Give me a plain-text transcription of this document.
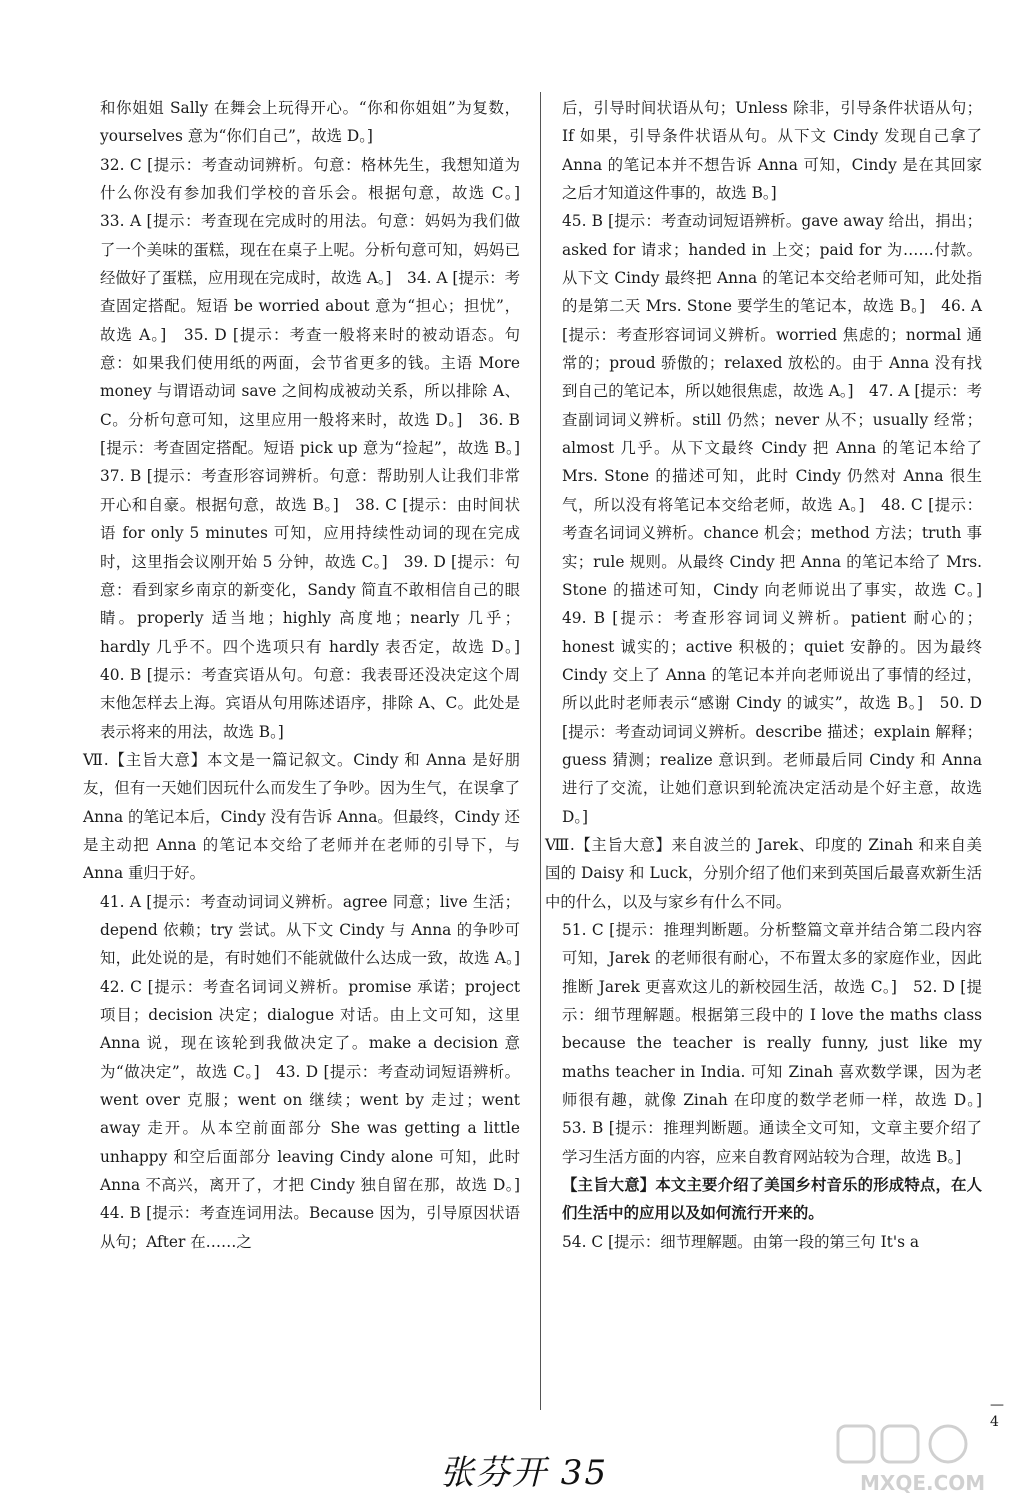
和你姐姐 Sally 在舞会上玩得开心。“你和你姐姐”为复数，yourselves 意为“你们自己”，故选 D。]

32. C [提示：考查动词辨析。句意：格林先生，我想知道为什么你没有参加我们学校的音乐会。根据句意，故选 C。]　33. A [提示：考查现在完成时的用法。句意：妈妈为我们做了一个美味的蛋糕，现在在桌子上呢。分析句意可知，妈妈已经做好了蛋糕，应用现在完成时，故选 A。]　34. A [提示：考查固定搭配。短语 be worried about 意为“担心；担忧”，故选 A。]　35. D [提示：考查一般将来时的被动语态。句意：如果我们使用纸的两面，会节省更多的钱。主语 More money 与谓语动词 save 之间构成被动关系，所以排除 A、C。分析句意可知，这里应用一般将来时，故选 D。]　36. B [提示：考查固定搭配。短语 pick up 意为“捡起”，故选 B。]　37. B [提示：考查形容词辨析。句意：帮助别人让我们非常开心和自豪。根据句意，故选 B。]　38. C [提示：由时间状语 for only 5 minutes 可知，应用持续性动词的现在完成时，这里指会议刚开始 5 分钟，故选 C。]　39. D [提示：句意：看到家乡南京的新变化，Sandy 简直不敢相信自己的眼睛。properly 适当地；highly 高度地；nearly 几乎；hardly 几乎不。四个选项只有 hardly 表否定，故选 D。]　40. B [提示：考查宾语从句。句意：我表哥还没决定这个周末他怎样去上海。宾语从句用陈述语序，排除 A、C。此处是表示将来的用法，故选 B。]

Ⅶ.【主旨大意】本文是一篇记叙文。Cindy 和 Anna 是好朋友，但有一天她们因玩什么而发生了争吵。因为生气，在误拿了 Anna 的笔记本后，Cindy 没有告诉 Anna。但最终，Cindy 还是主动把 Anna 的笔记本交给了老师并在老师的引导下，与 Anna 重归于好。

41. A [提示：考查动词词义辨析。agree 同意；live 生活；depend 依赖；try 尝试。从下文 Cindy 与 Anna 的争吵可知，此处说的是，有时她们不能就做什么达成一致，故选 A。]　42. C [提示：考查名词词义辨析。promise 承诺；project 项目；decision 决定；dialogue 对话。由上文可知，这里 Anna 说，现在该轮到我做决定了。make a decision 意为“做决定”，故选 C。]　43. D [提示：考查动词短语辨析。went over 克服；went on 继续；went by 走过；went away 走开。从本空前面部分 She was getting a little unhappy 和空后面部分 leaving Cindy alone 可知，此时 Anna 不高兴，离开了，才把 Cindy 独自留在那，故选 D。]　44. B [提示：考查连词用法。Because 因为，引导原因状语从句；After 在……之

后，引导时间状语从句；Unless 除非，引导条件状语从句；If 如果，引导条件状语从句。从下文 Cindy 发现自己拿了 Anna 的笔记本并不想告诉 Anna 可知，Cindy 是在其回家之后才知道这件事的，故选 B。]

45. B [提示：考查动词短语辨析。gave away 给出，捐出；asked for 请求；handed in 上交；paid for 为……付款。从下文 Cindy 最终把 Anna 的笔记本交给老师可知，此处指的是第二天 Mrs. Stone 要学生的笔记本，故选 B。]　46. A [提示：考查形容词词义辨析。worried 焦虑的；normal 通常的；proud 骄傲的；relaxed 放松的。由于 Anna 没有找到自己的笔记本，所以她很焦虑，故选 A。]　47. A [提示：考查副词词义辨析。still 仍然；never 从不；usually 经常；almost 几乎。从下文最终 Cindy 把 Anna 的笔记本给了 Mrs. Stone 的描述可知，此时 Cindy 仍然对 Anna 很生气，所以没有将笔记本交给老师，故选 A。]　48. C [提示：考查名词词义辨析。chance 机会；method 方法；truth 事实；rule 规则。从最终 Cindy 把 Anna 的笔记本给了 Mrs. Stone 的描述可知，Cindy 向老师说出了事实，故选 C。]　49. B [提示：考查形容词词义辨析。patient 耐心的；honest 诚实的；active 积极的；quiet 安静的。因为最终 Cindy 交上了 Anna 的笔记本并向老师说出了事情的经过，所以此时老师表示“感谢 Cindy 的诚实”，故选 B。]　50. D [提示：考查动词词义辨析。describe 描述；explain 解释；guess 猜测；realize 意识到。老师最后同 Cindy 和 Anna 进行了交流，让她们意识到轮流决定活动是个好主意，故选 D。]

Ⅷ.【主旨大意】来自波兰的 Jarek、印度的 Zinah 和来自美国的 Daisy 和 Luck，分别介绍了他们来到英国后最喜欢新生活中的什么，以及与家乡有什么不同。

51. C [提示：推理判断题。分析整篇文章并结合第二段内容可知，Jarek 的老师很有耐心，不布置太多的家庭作业，因此推断 Jarek 更喜欢这儿的新校园生活，故选 C。]　52. D [提示：细节理解题。根据第三段中的 I love the maths class because the teacher is really funny, just like my maths teacher in India. 可知 Zinah 喜欢数学课，因为老师很有趣，就像 Zinah 在印度的数学老师一样，故选 D。]　53. B [提示：推理判断题。通读全文可知，文章主要介绍了学习生活方面的内容，应来自教育网站较为合理，故选 B。]

【主旨大意】本文主要介绍了美国乡村音乐的形成特点，在人们生活中的应用以及如何流行开来的。

54. C [提示：细节理解题。由第一段的第三句 It's a

—　4
张芬开 35	MXQE.COM
